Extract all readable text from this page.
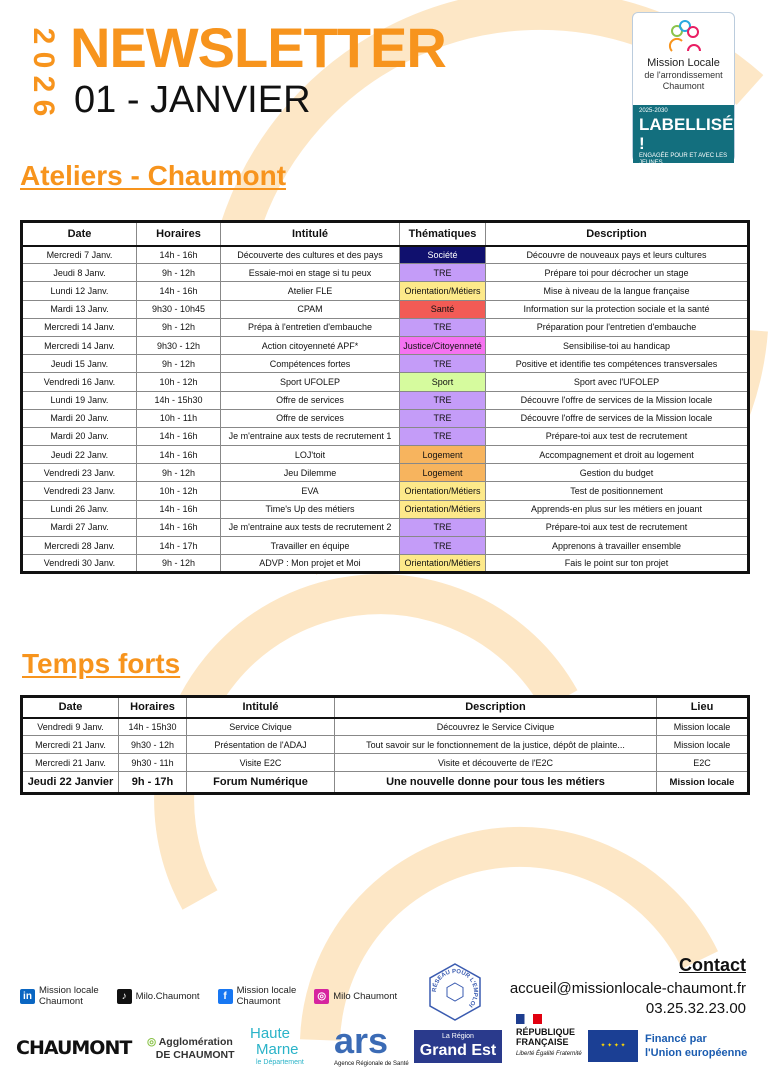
2
0
2
6
NEWSLETTER
01 - JANVIER
Mission Locale
de l'arrondissement
Chaumont
2025-2030
LABELLISÉE !
ENGAGÉE POUR ET AVEC LES JEUNES
Ateliers - Chaumont
Date	Horaires	Intitulé	Thématiques	Description
Mercredi 7 Janv.	14h - 16h	Découverte des cultures et des pays	Société	Découvre de nouveaux pays et leurs cultures
Jeudi 8 Janv.	9h - 12h	Essaie-moi en stage si tu peux	TRE	Prépare toi pour décrocher un stage
Lundi 12 Janv.	14h - 16h	Atelier FLE	Orientation/Métiers	Mise à niveau de la langue française
Mardi 13 Janv.	9h30 - 10h45	CPAM	Santé	Information sur la protection sociale et la santé
Mercredi 14 Janv.	9h - 12h	Prépa à l'entretien d'embauche	TRE	Préparation pour l'entretien d'embauche
Mercredi 14 Janv.	9h30 - 12h	Action citoyenneté APF*	Justice/Citoyenneté	Sensibilise-toi au handicap
Jeudi 15 Janv.	9h - 12h	Compétences fortes	TRE	Positive et identifie tes compétences transversales
Vendredi 16 Janv.	10h - 12h	Sport UFOLEP	Sport	Sport avec l'UFOLEP
Lundi 19 Janv.	14h - 15h30	Offre de services	TRE	Découvre l'offre de services de la Mission locale
Mardi 20 Janv.	10h - 11h	Offre de services	TRE	Découvre l'offre de services de la Mission locale
Mardi 20 Janv.	14h - 16h	Je m'entraine aux tests de recrutement 1	TRE	Prépare-toi aux test de recrutement
Jeudi 22 Janv.	14h - 16h	LOJ'toit	Logement	Accompagnement et droit au logement
Vendredi 23 Janv.	9h - 12h	Jeu Dilemme	Logement	Gestion du budget
Vendredi 23 Janv.	10h - 12h	EVA	Orientation/Métiers	Test de positionnement
Lundi 26 Janv.	14h - 16h	Time's Up des métiers	Orientation/Métiers	Apprends-en plus sur les métiers en jouant
Mardi 27 Janv.	14h - 16h	Je m'entraine aux tests de recrutement 2	TRE	Prépare-toi aux test de recrutement
Mercredi 28 Janv.	14h - 17h	Travailler en équipe	TRE	Apprenons à travailler ensemble
Vendredi 30 Janv.	9h - 12h	ADVP : Mon projet et Moi	Orientation/Métiers	Fais le point sur ton projet
Temps forts
Date	Horaires	Intitulé	Description	Lieu
Vendredi 9 Janv.	14h - 15h30	Service Civique	Découvrez le Service Civique	Mission locale
Mercredi 21 Janv.	9h30 - 12h	Présentation de l'ADAJ	Tout savoir sur le fonctionnement de la justice, dépôt de plainte...	Mission locale
Mercredi 21 Janv.	9h30 - 11h	Visite E2C	Visite et découverte de l'E2C	E2C
Jeudi 22 Janvier	9h - 17h	Forum Numérique	Une nouvelle donne pour tous les métiers	Mission locale
in Mission locale
Chaumont	♪ Milo.Chaumont	f	Mission locale
Chaumont	◎ Milo Chaumont
RÉSEAU POUR L'EMPLOI
Contact
accueil@missionlocale-chaumont.fr
03.25.32.23.00
CHAUMONT	◎ Agglomération
DE CHAUMONT
Haute
Marne
le Département
ars
Agence Régionale de Santé
La Région
Grand Est
RÉPUBLIQUE
FRANÇAISE
Liberté Égalité Fraternité
✦ ✦ ✦ ✦
Financé par
l'Union européenne
